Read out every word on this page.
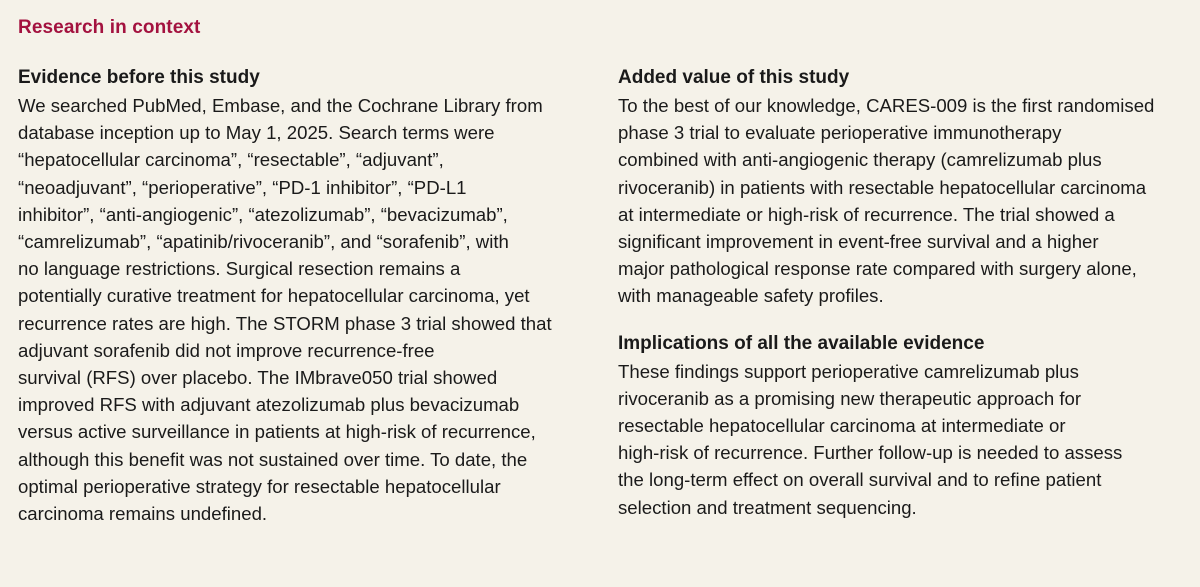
Research in context
Evidence before this study

We searched PubMed, Embase, and the Cochrane Library from
database inception up to May 1, 2025. Search terms were
“hepatocellular carcinoma”, “resectable”, “adjuvant”,
“neoadjuvant”, “perioperative”, “PD-1 inhibitor”, “PD-L1
inhibitor”, “anti-angiogenic”, “atezolizumab”, “bevacizumab”,
“camrelizumab”, “apatinib/rivoceranib”, and “sorafenib”, with
no language restrictions. Surgical resection remains a
potentially curative treatment for hepatocellular carcinoma, yet
recurrence rates are high. The STORM phase 3 trial showed that
adjuvant sorafenib did not improve recurrence-free
survival (RFS) over placebo. The IMbrave050 trial showed
improved RFS with adjuvant atezolizumab plus bevacizumab
versus active surveillance in patients at high-risk of recurrence,
although this benefit was not sustained over time. To date, the
optimal perioperative strategy for resectable hepatocellular
carcinoma remains undefined.

Added value of this study

To the best of our knowledge, CARES-009 is the first randomised
phase 3 trial to evaluate perioperative immunotherapy
combined with anti-angiogenic therapy (camrelizumab plus
rivoceranib) in patients with resectable hepatocellular carcinoma
at intermediate or high-risk of recurrence. The trial showed a
significant improvement in event-free survival and a higher
major pathological response rate compared with surgery alone,
with manageable safety profiles.

Implications of all the available evidence

These findings support perioperative camrelizumab plus
rivoceranib as a promising new therapeutic approach for
resectable hepatocellular carcinoma at intermediate or
high-risk of recurrence. Further follow-up is needed to assess
the long-term effect on overall survival and to refine patient
selection and treatment sequencing.
